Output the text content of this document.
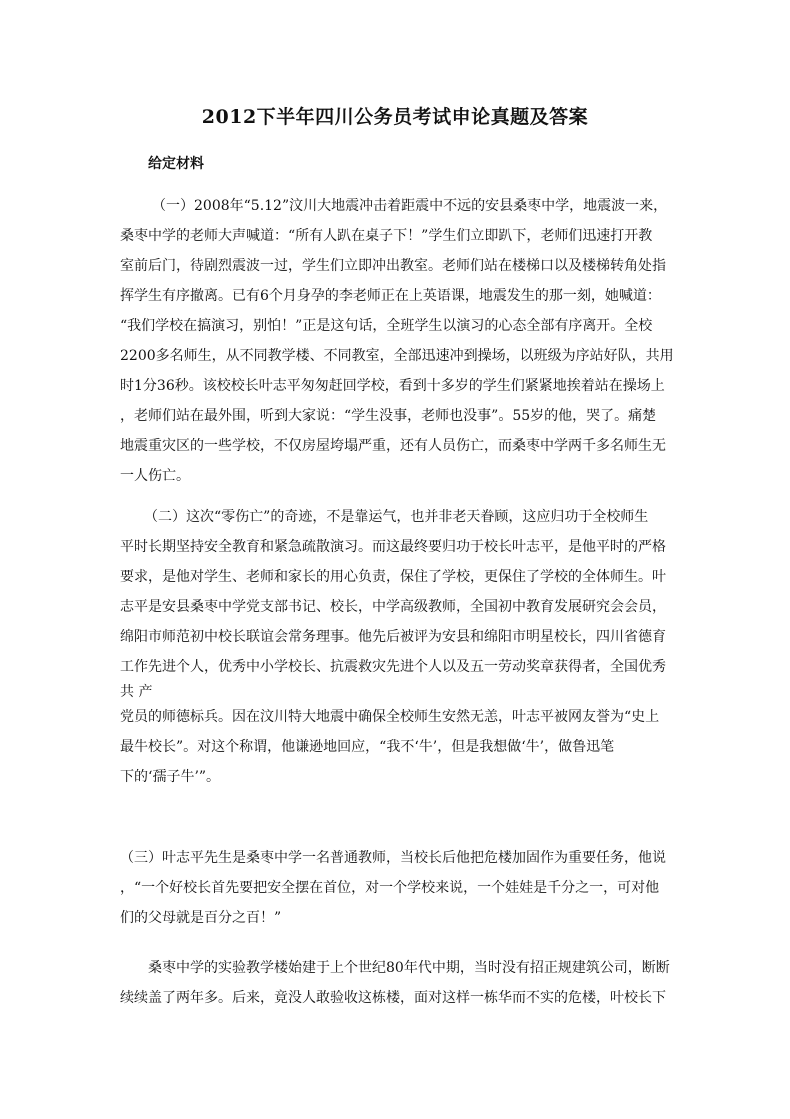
2012下半年四川公务员考试申论真题及答案
给定材料
（一）2008年“5.12”汶川大地震冲击着距震中不远的安县桑枣中学，地震波一来，
桑枣中学的老师大声喊道：“所有人趴在桌子下！”学生们立即趴下，老师们迅速打开教
室前后门，待剧烈震波一过，学生们立即冲出教室。老师们站在楼梯口以及楼梯转角处指
挥学生有序撤离。已有6个月身孕的李老师正在上英语课，地震发生的那一刻，她喊道：
“我们学校在搞演习，别怕！”正是这句话，全班学生以演习的心态全部有序离开。全校
2200多名师生，从不同教学楼、不同教室，全部迅速冲到操场，以班级为序站好队，共用
时1分36秒。该校校长叶志平匆匆赶回学校，看到十多岁的学生们紧紧地挨着站在操场上
，老师们站在最外围，听到大家说：“学生没事，老师也没事”。55岁的他，哭了。痛楚
地震重灾区的一些学校，不仅房屋垮塌严重，还有人员伤亡，而桑枣中学两千多名师生无
一人伤亡。
（二）这次“零伤亡”的奇迹，不是靠运气，也并非老天眷顾，这应归功于全校师生
平时长期坚持安全教育和紧急疏散演习。而这最终要归功于校长叶志平，是他平时的严格
要求，是他对学生、老师和家长的用心负责，保住了学校，更保住了学校的全体师生。叶
志平是安县桑枣中学党支部书记、校长，中学高级教师，全国初中教育发展研究会会员，
绵阳市师范初中校长联谊会常务理事。他先后被评为安县和绵阳市明星校长，四川省德育
工作先进个人，优秀中小学校长、抗震救灾先进个人以及五一劳动奖章获得者，全国优秀
共 产
党员的师德标兵。因在汶川特大地震中确保全校师生安然无恙，叶志平被网友誉为“史上
最牛校长”。对这个称谓，他谦逊地回应，“我不‘牛’，但是我想做‘牛’，做鲁迅笔
下的‘孺子牛’”。
（三）叶志平先生是桑枣中学一名普通教师，当校长后他把危楼加固作为重要任务，他说
，“一个好校长首先要把安全摆在首位，对一个学校来说，一个娃娃是千分之一，可对他
们的父母就是百分之百！”
桑枣中学的实验教学楼始建于上个世纪80年代中期，当时没有招正规建筑公司，断断
续续盖了两年多。后来，竟没人敢验收这栋楼，面对这样一栋华而不实的危楼，叶校长下
